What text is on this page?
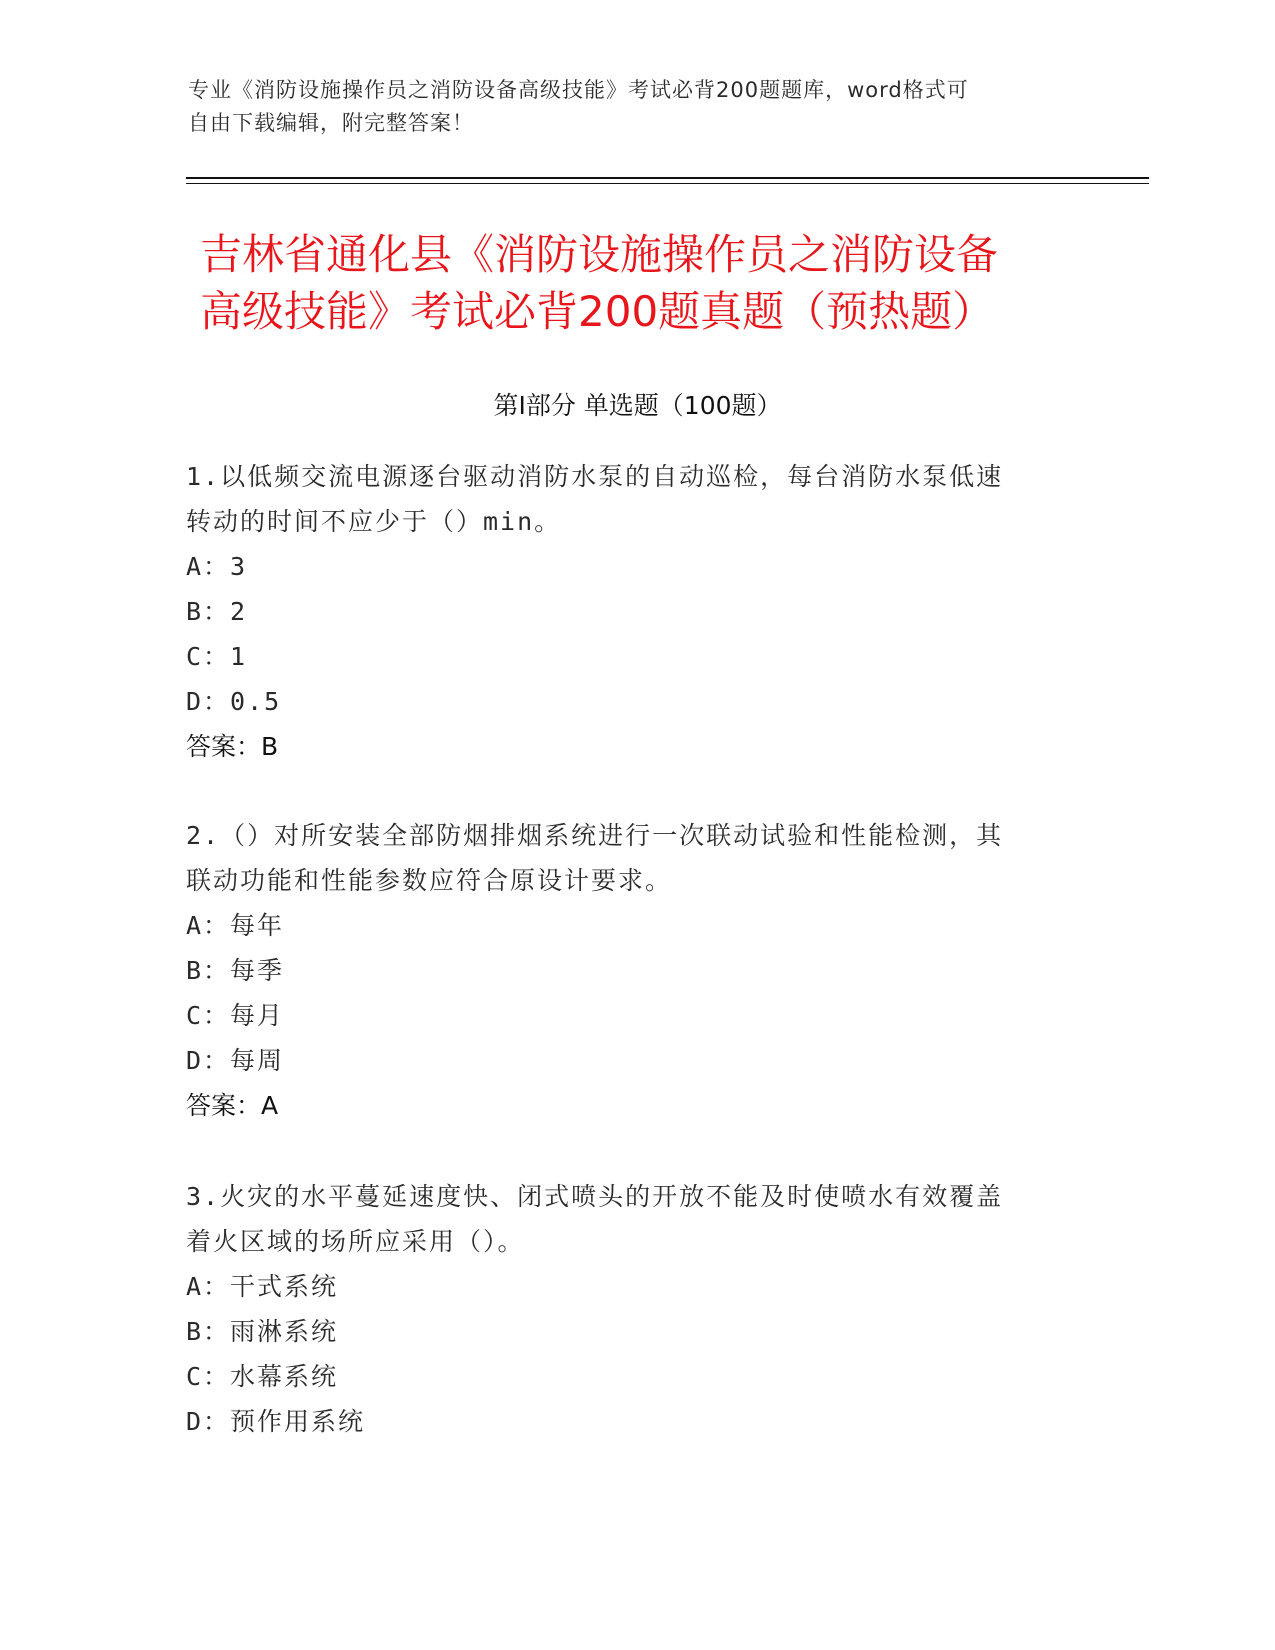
专业《消防设施操作员之消防设备高级技能》考试必背200题题库，word格式可
自由下载编辑，附完整答案！
吉林省通化县《消防设施操作员之消防设备
高级技能》考试必背200题真题（预热题）
第Ⅰ部分 单选题（100题）
1.以低频交流电源逐台驱动消防水泵的自动巡检，每台消防水泵低速
转动的时间不应少于（）min。
A：3
B：2
C：1
D：0.5
答案：B
2.（）对所安装全部防烟排烟系统进行一次联动试验和性能检测，其
联动功能和性能参数应符合原设计要求。
A：每年
B：每季
C：每月
D：每周
答案：A
3.火灾的水平蔓延速度快、闭式喷头的开放不能及时使喷水有效覆盖
着火区域的场所应采用（）。
A：干式系统
B：雨淋系统
C：水幕系统
D：预作用系统
